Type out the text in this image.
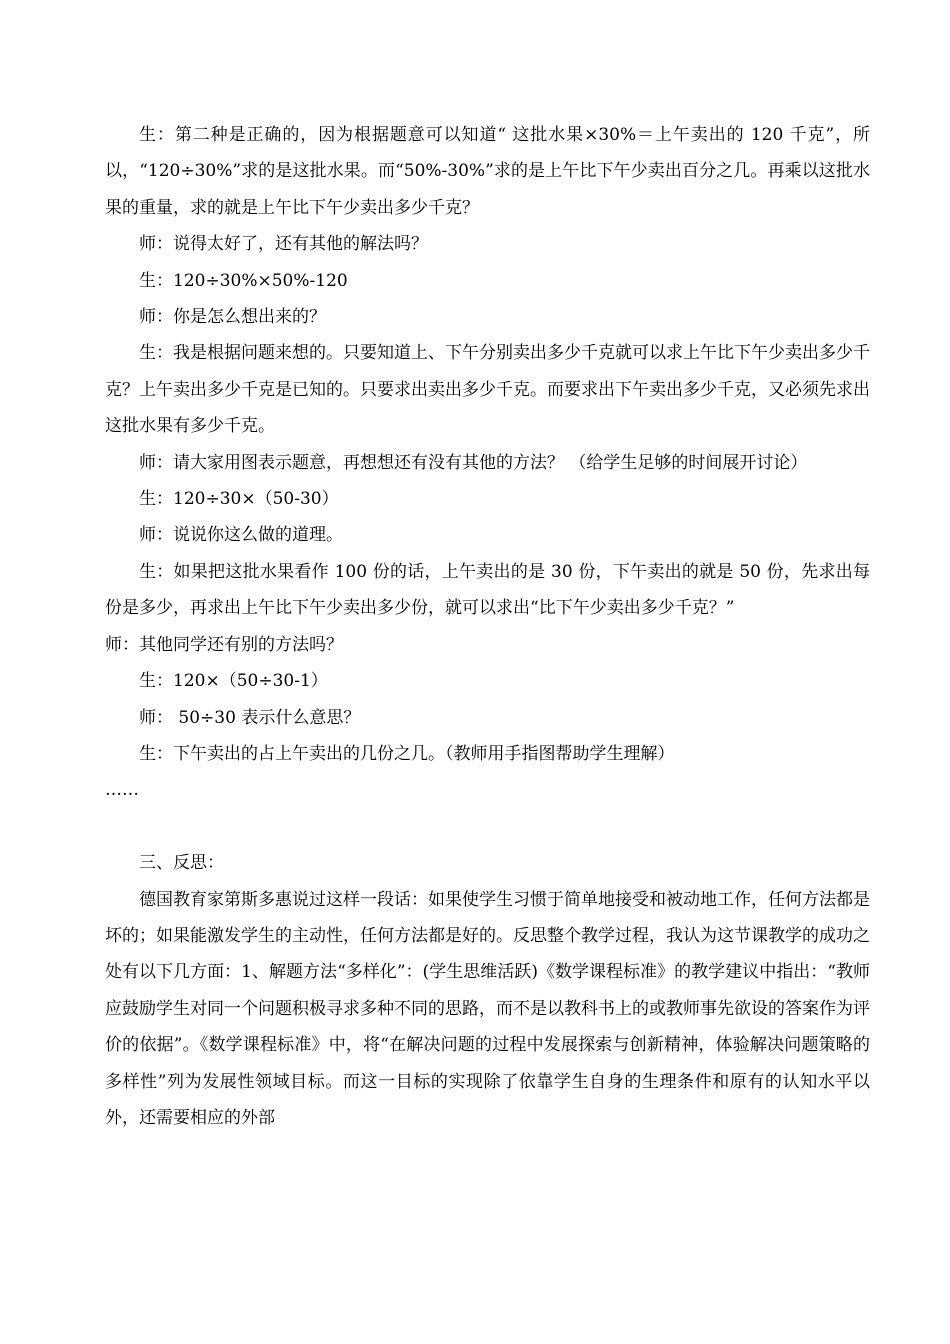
生：第二种是正确的，因为根据题意可以知道“ 这批水果×30%＝上午卖出的 120 千克”，所以，“120÷30%”求的是这批水果。而“50%-30%”求的是上午比下午少卖出百分之几。再乘以这批水果的重量，求的就是上午比下午少卖出多少千克？

师：说得太好了，还有其他的解法吗？

生：120÷30%×50%-120

师：你是怎么想出来的？

生：我是根据问题来想的。只要知道上、下午分别卖出多少千克就可以求上午比下午少卖出多少千克？上午卖出多少千克是已知的。只要求出卖出多少千克。而要求出下午卖出多少千克，又必须先求出这批水果有多少千克。

师：请大家用图表示题意，再想想还有没有其他的方法？ （给学生足够的时间展开讨论）

生：120÷30×（50-30）

师：说说你这么做的道理。

生：如果把这批水果看作 100 份的话，上午卖出的是 30 份，下午卖出的就是 50 份，先求出每份是多少，再求出上午比下午少卖出多少份，就可以求出“比下午少卖出多少千克？”

师：其他同学还有别的方法吗？

生：120×（50÷30-1）

师： 50÷30 表示什么意思？

生：下午卖出的占上午卖出的几份之几。（教师用手指图帮助学生理解）

……

三、反思：

德国教育家第斯多惠说过这样一段话：如果使学生习惯于简单地接受和被动地工作，任何方法都是坏的；如果能激发学生的主动性，任何方法都是好的。反思整个教学过程，我认为这节课教学的成功之处有以下几方面：1、解题方法“多样化”：(学生思维活跃)《数学课程标准》的教学建议中指出：“教师应鼓励学生对同一个问题积极寻求多种不同的思路，而不是以教科书上的或教师事先欲设的答案作为评价的依据”。《数学课程标准》中，将“在解决问题的过程中发展探索与创新精神，体验解决问题策略的多样性”列为发展性领域目标。而这一目标的实现除了依靠学生自身的生理条件和原有的认知水平以外，还需要相应的外部
